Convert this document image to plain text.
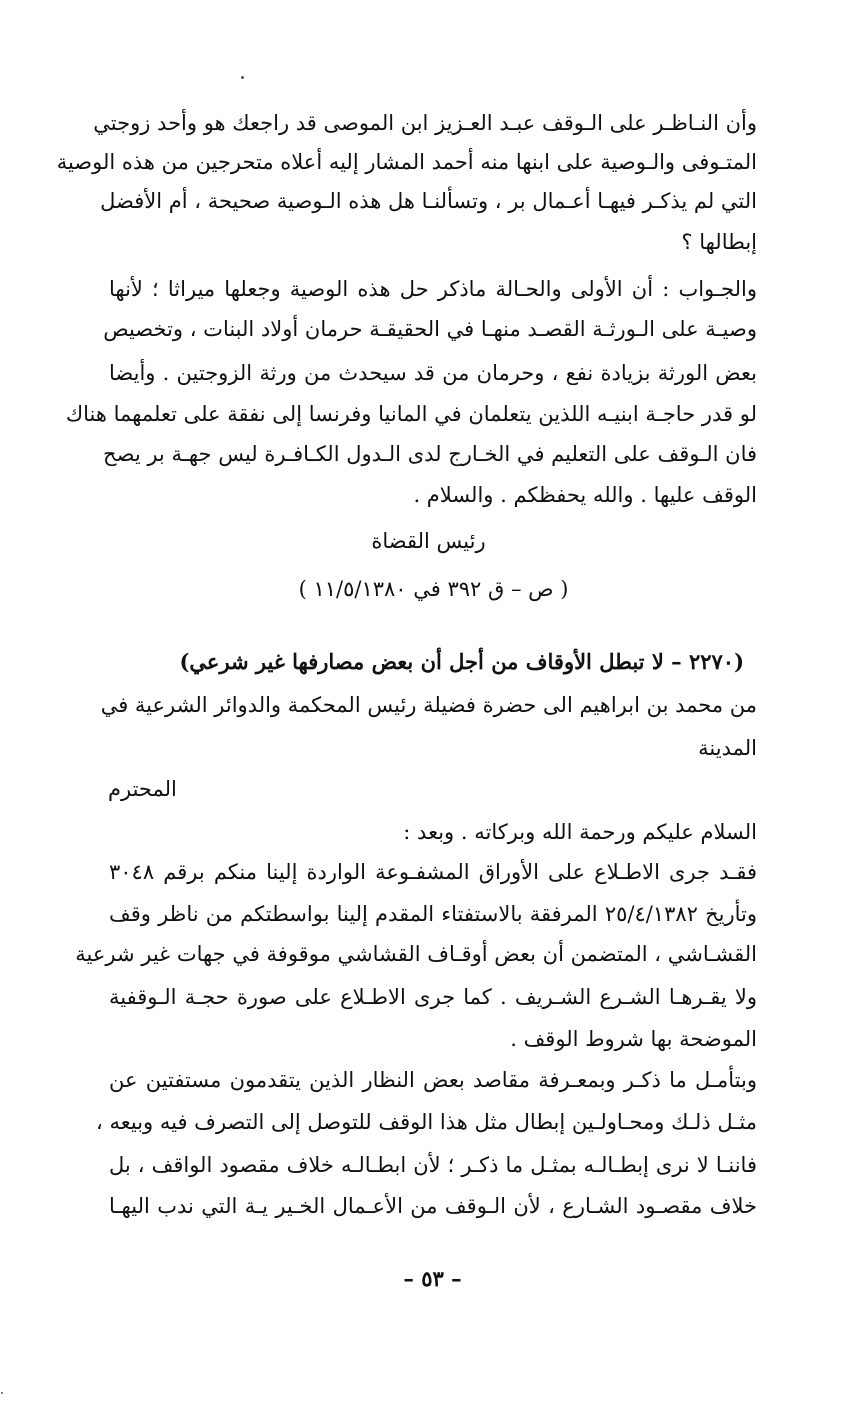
وأن النـاظـر على الـوقف عبـد العـزيز ابن الموصى قد راجعك هو وأحد زوجتي
المتـوفى والـوصية على ابنها منه أحمد المشار إليه أعلاه متحرجين من هذه الوصية
التي لم يذكـر فيهـا أعـمال بر ، وتسألنـا هل هذه الـوصية صحيحة ، أم الأفضل
إبطالها ؟
والجـواب : أن الأولى والحـالة ماذكر حل هذه الوصية وجعلها ميراثا ؛ لأنها
وصيـة على الـورثـة القصـد منهـا في الحقيقـة حرمان أولاد البنات ، وتخصيص
بعض الورثة بزيادة نفع ، وحرمان من قد سيحدث من ورثة الزوجتين . وأيضا
لو قدر حاجـة ابنيـه اللذين يتعلمان في المانيا وفرنسا إلى نفقة على تعلمهما هناك
فان الـوقف على التعليم في الخـارج لدى الـدول الكـافـرة ليس جهـة بر يصح
الوقف عليها . والله يحفظكم . والسلام .
رئيس القضاة
( ص – ق ٣٩٢ في ١١/٥/١٣٨٠ )
(٢٢٧٠ – لا تبطل الأوقاف من أجل أن بعض مصارفها غير شرعي)
من محمد بن ابراهيم الى حضرة فضيلة رئيس المحكمة والدوائر الشرعية في
المدينة
المحترم
السلام عليكم ورحمة الله وبركاته . وبعد :
فقـد جرى الاطـلاع على الأوراق المشفـوعة الواردة إلينا منكم برقم ٣٠٤٨
وتأريخ ٢٥/٤/١٣٨٢ المرفقة بالاستفتاء المقدم إلينا بواسطتكم من ناظر وقف
القشـاشي ، المتضمن أن بعض أوقـاف القشاشي موقوفة في جهات غير شرعية
ولا يقـرهـا الشـرع الشـريف . كما جرى الاطـلاع على صورة حجـة الـوقفية
الموضحة بها شروط الوقف .
وبتأمـل ما ذكـر وبمعـرفة مقاصد بعض النظار الذين يتقدمون مستفتين عن
مثـل ذلـك ومحـاولـين إبطال مثل هذا الوقف للتوصل إلى التصرف فيه وبيعه ،
فاننـا لا نرى إبطـالـه بمثـل ما ذكـر ؛ لأن ابطـالـه خلاف مقصود الواقف ، بل
خلاف مقصـود الشـارع ، لأن الـوقف من الأعـمال الخـير يـة التي ندب اليهـا
– ٥٣ –
